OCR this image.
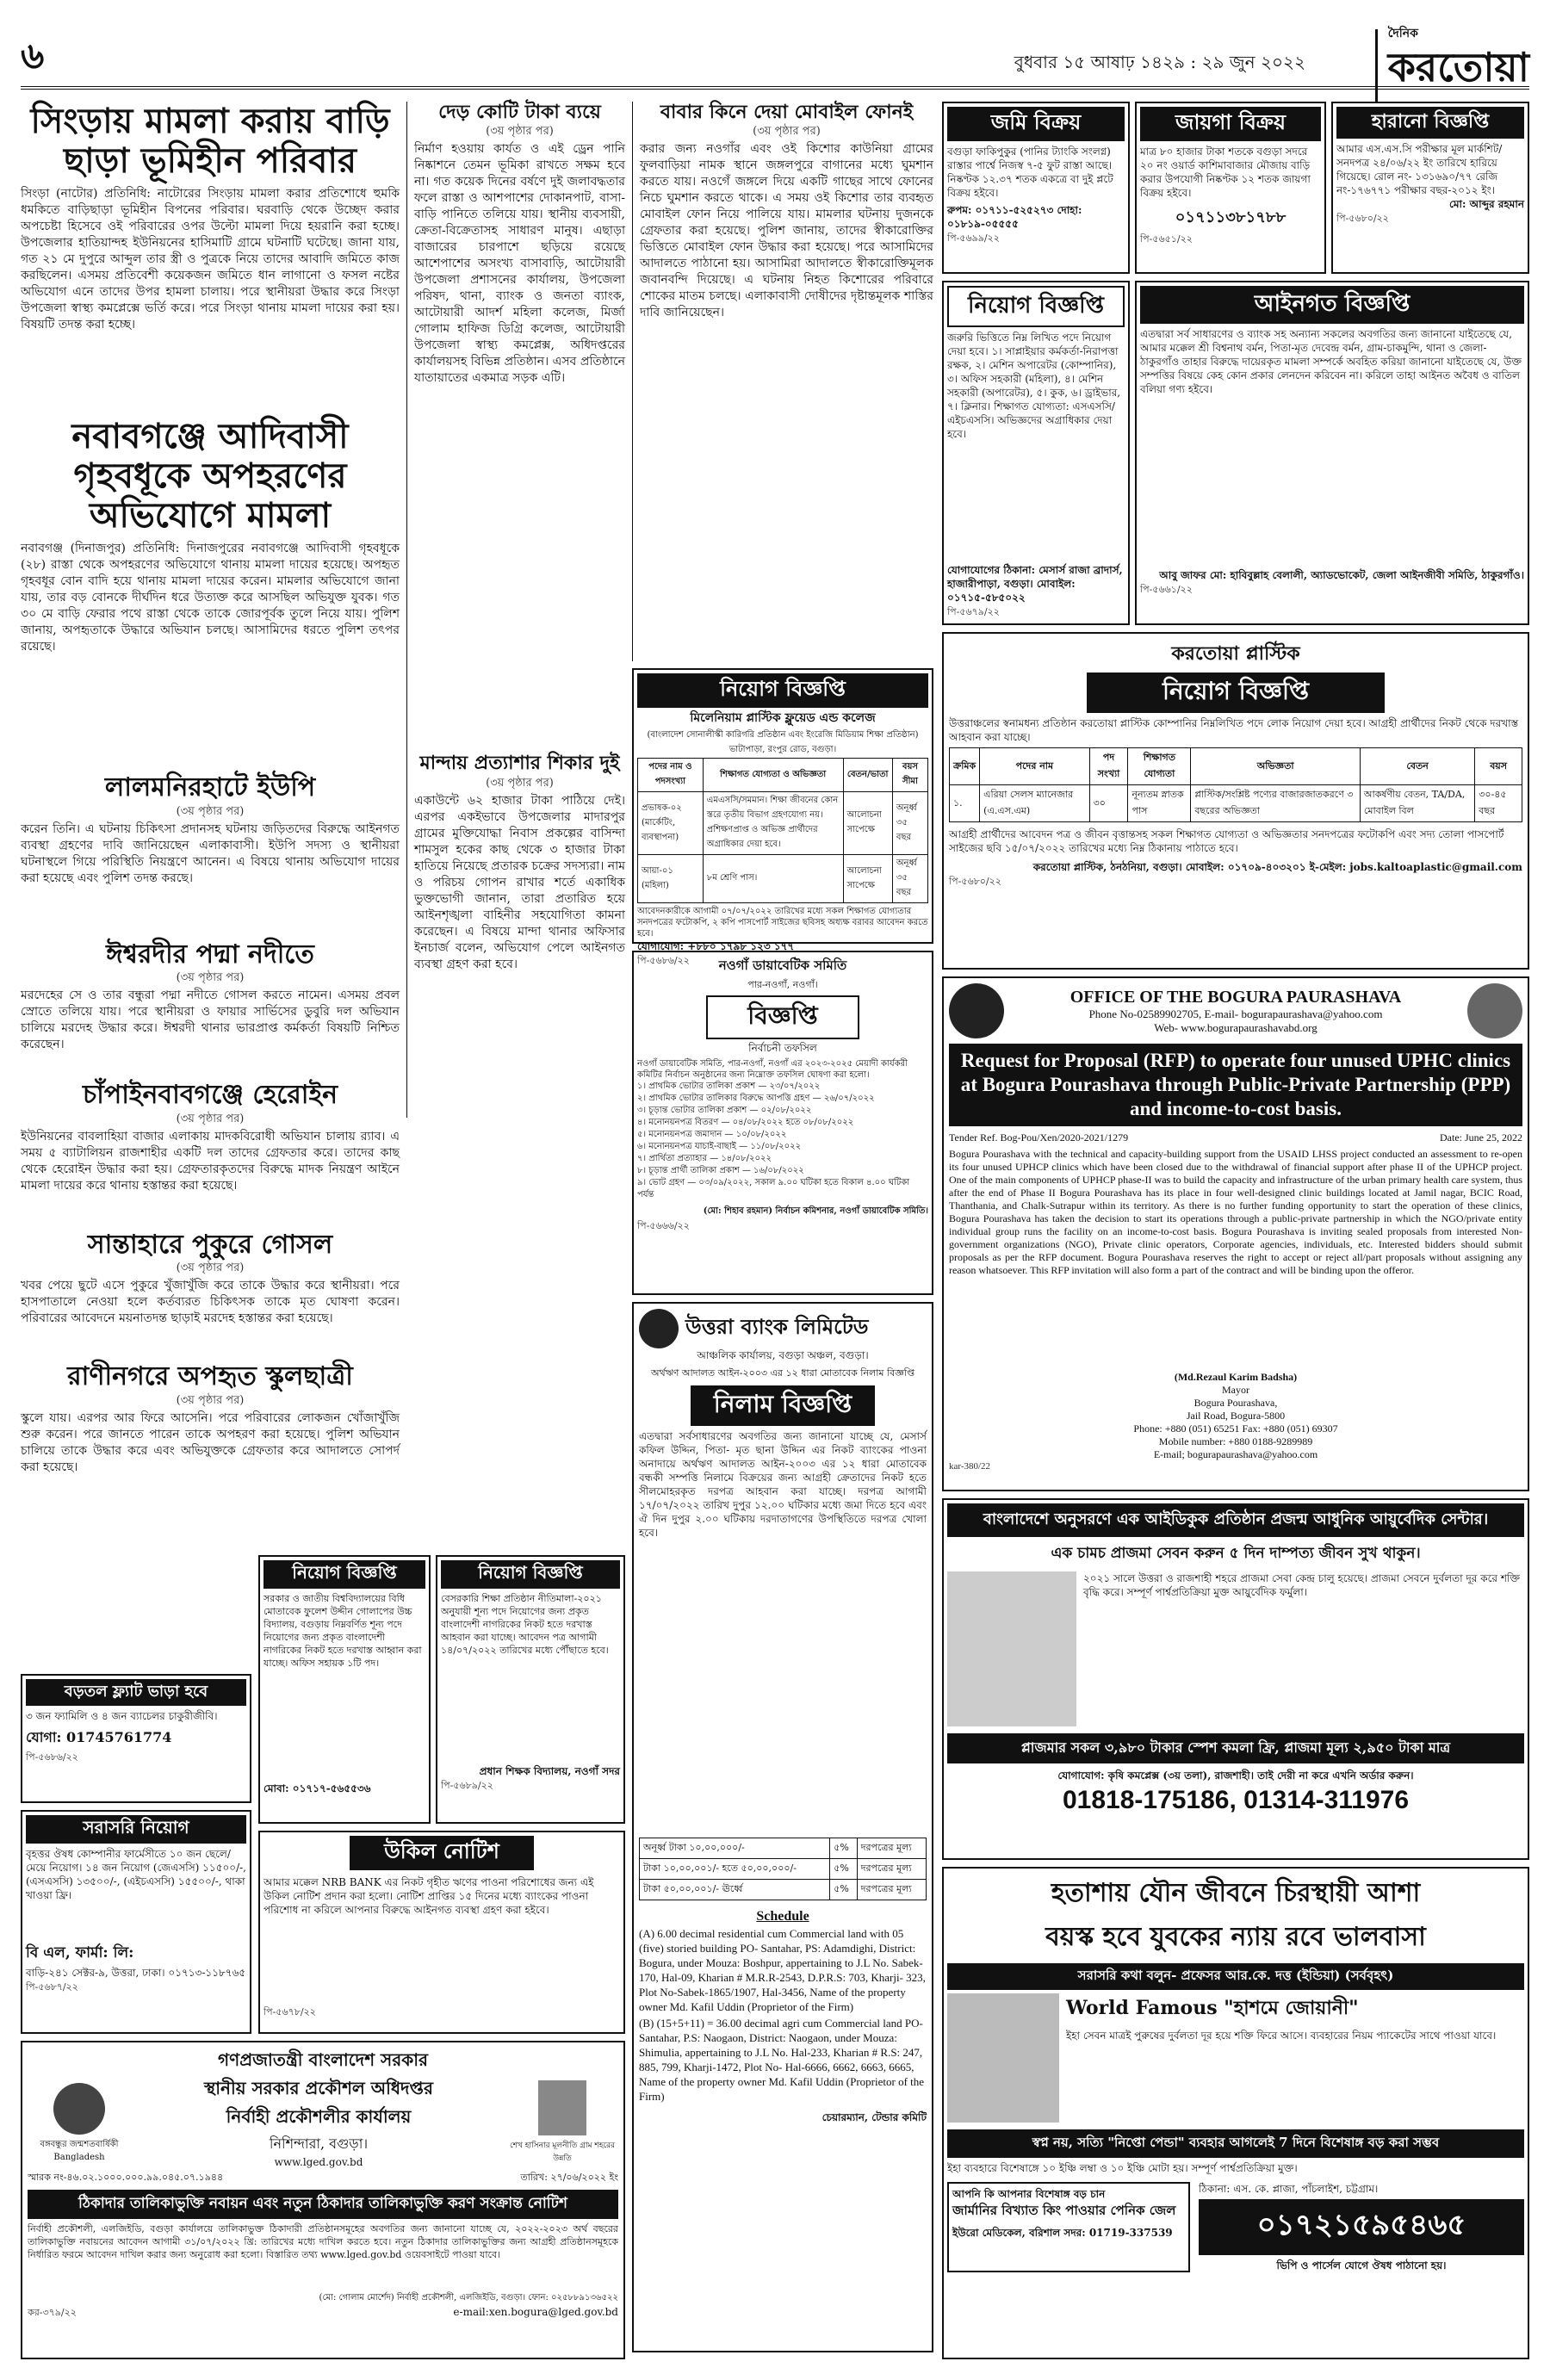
৬	বুধবার ১৫ আষাঢ় ১৪২৯ : ২৯ জুন ২০২২
দৈনিক
করতোয়া
সিংড়ায় মামলা করায় বাড়ি ছাড়া ভূমিহীন পরিবার
সিংড়া (নাটোর) প্রতিনিধি: নাটোরের সিংড়ায় মামলা করার প্রতিশোধে হুমকি ধমকিতে বাড়িছাড়া ভূমিহীন বিপনের পরিবার। ঘরবাড়ি থেকে উচ্ছেদ করার অপচেষ্টা হিসেবে ওই পরিবারের ওপর উল্টো মামলা দিয়ে হয়রানি করা হচ্ছে। উপজেলার হাতিয়ান্দহ ইউনিয়নের হাসিমাটি গ্রামে ঘটনাটি ঘটেছে। জানা যায়, গত ২১ মে দুপুরে আব্দুল তার স্ত্রী ও পুত্রকে নিয়ে তাদের আবাদি জমিতে কাজ করছিলেন। এসময় প্রতিবেশী কয়েকজন জমিতে ধান লাগানো ও ফসল নষ্টের অভিযোগ এনে তাদের উপর হামলা চালায়। পরে স্থানীয়রা উদ্ধার করে সিংড়া উপজেলা স্বাস্থ্য কমপ্লেক্সে ভর্তি করে। পরে সিংড়া থানায় মামলা দায়ের করা হয়। বিষয়টি তদন্ত করা হচ্ছে।
নবাবগঞ্জে আদিবাসী গৃহবধূকে অপহরণের অভিযোগে মামলা
নবাবগঞ্জ (দিনাজপুর) প্রতিনিধি: দিনাজপুরের নবাবগঞ্জে আদিবাসী গৃহবধূকে (২৮) রাস্তা থেকে অপহরণের অভিযোগে থানায় মামলা দায়ের হয়েছে। অপহৃত গৃহবধূর বোন বাদি হয়ে থানায় মামলা দায়ের করেন। মামলার অভিযোগে জানা যায়, তার বড় বোনকে দীর্ঘদিন ধরে উত্যক্ত করে আসছিল অভিযুক্ত যুবক। গত ৩০ মে বাড়ি ফেরার পথে রাস্তা থেকে তাকে জোরপূর্বক তুলে নিয়ে যায়। পুলিশ জানায়, অপহৃতাকে উদ্ধারে অভিযান চলছে। আসামিদের ধরতে পুলিশ তৎপর রয়েছে।
লালমনিরহাটে ইউপি
(৩য় পৃষ্ঠার পর)
করেন তিনি। এ ঘটনায় চিকিৎসা প্রদানসহ ঘটনায় জড়িতদের বিরুদ্ধে আইনগত ব্যবস্থা গ্রহণের দাবি জানিয়েছেন এলাকাবাসী। ইউপি সদস্য ও স্থানীয়রা ঘটনাস্থলে গিয়ে পরিস্থিতি নিয়ন্ত্রণে আনেন। এ বিষয়ে থানায় অভিযোগ দায়ের করা হয়েছে এবং পুলিশ তদন্ত করছে।
ঈশ্বরদীর পদ্মা নদীতে
(৩য় পৃষ্ঠার পর)
মরদেহের সে ও তার বন্ধুরা পদ্মা নদীতে গোসল করতে নামেন। এসময় প্রবল স্রোতে তলিয়ে যায়। পরে স্থানীয়রা ও ফায়ার সার্ভিসের ডুবুরি দল অভিযান চালিয়ে মরদেহ উদ্ধার করে। ঈশ্বরদী থানার ভারপ্রাপ্ত কর্মকর্তা বিষয়টি নিশ্চিত করেছেন।
চাঁপাইনবাবগঞ্জে হেরোইন
(৩য় পৃষ্ঠার পর)
ইউনিয়নের বাবলাহিয়া বাজার এলাকায় মাদকবিরোধী অভিযান চালায় র‌্যাব। এ সময় ৫ ব্যাটালিয়ন রাজশাহীর একটি দল তাদের গ্রেফতার করে। তাদের কাছ থেকে হেরোইন উদ্ধার করা হয়। গ্রেফতারকৃতদের বিরুদ্ধে মাদক নিয়ন্ত্রণ আইনে মামলা দায়ের করে থানায় হস্তান্তর করা হয়েছে।
সান্তাহারে পুকুরে গোসল
(৩য় পৃষ্ঠার পর)
খবর পেয়ে ছুটে এসে পুকুরে খুঁজাখুঁজি করে তাকে উদ্ধার করে স্থানীয়রা। পরে হাসপাতালে নেওয়া হলে কর্তব্যরত চিকিৎসক তাকে মৃত ঘোষণা করেন। পরিবারের আবেদনে ময়নাতদন্ত ছাড়াই মরদেহ হস্তান্তর করা হয়েছে।
রাণীনগরে অপহৃত স্কুলছাত্রী
(৩য় পৃষ্ঠার পর)
স্কুলে যায়। এরপর আর ফিরে আসেনি। পরে পরিবারের লোকজন খোঁজাখুঁজি শুরু করেন। পরে জানতে পারেন তাকে অপহরণ করা হয়েছে। পুলিশ অভিযান চালিয়ে তাকে উদ্ধার করে এবং অভিযুক্তকে গ্রেফতার করে আদালতে সোপর্দ করা হয়েছে।
দেড় কোটি টাকা ব্যয়ে
(৩য় পৃষ্ঠার পর)
নির্মাণ হওয়ায় কার্যত ও এই ড্রেন পানি নিষ্কাশনে তেমন ভূমিকা রাখতে সক্ষম হবে না। গত কয়েক দিনের বর্ষণে দুই জলাবদ্ধতার ফলে রাস্তা ও আশপাশের দোকানপাট, বাসা-বাড়ি পানিতে তলিয়ে যায়। স্থানীয় ব্যবসায়ী, ক্রেতা-বিক্রেতাসহ সাধারণ মানুষ। এছাড়া বাজারের চারপাশে ছড়িয়ে রয়েছে আশেপাশের অসংখ্য বাসাবাড়ি, আটোয়ারী উপজেলা প্রশাসনের কার্যালয়, উপজেলা পরিষদ, থানা, ব্যাংক ও জনতা ব্যাংক, আটোয়ারী আদর্শ মহিলা কলেজ, মির্জা গোলাম হাফিজ ডিগ্রি কলেজ, আটোয়ারী উপজেলা স্বাস্থ্য কমপ্লেক্স, অধিদপ্তরের কার্যালয়সহ বিভিন্ন প্রতিষ্ঠান। এসব প্রতিষ্ঠানে যাতায়াতের একমাত্র সড়ক এটি।
মান্দায় প্রত্যাশার শিকার দুই
(৩য় পৃষ্ঠার পর)
একাউন্টে ৬২ হাজার টাকা পাঠিয়ে দেই। এরপর একইভাবে উপজেলার মাদারপুর গ্রামের মুক্তিযোদ্ধা নিবাস প্রকল্পের বাসিন্দা শামসুল হকের কাছ থেকে ৩ হাজার টাকা হাতিয়ে নিয়েছে প্রতারক চক্রের সদস্যরা। নাম ও পরিচয় গোপন রাখার শর্তে একাধিক ভুক্তভোগী জানান, তারা প্রতারিত হয়ে আইনশৃঙ্খলা বাহিনীর সহযোগিতা কামনা করেছেন। এ বিষয়ে মান্দা থানার অফিসার ইনচার্জ বলেন, অভিযোগ পেলে আইনগত ব্যবস্থা গ্রহণ করা হবে।
বাবার কিনে দেয়া মোবাইল ফোনই
(৩য় পৃষ্ঠার পর)
করার জন্য নওগাঁর এবং ওই কিশোর কাউনিয়া গ্রামের ফুলবাড়িয়া নামক স্থানে জঙ্গলপুরে বাগানের মধ্যে ঘুমশান করতে যায়। নওগেঁ জঙ্গলে দিয়ে একটি গাছের সাথে ফোনের নিচে ঘুমশান করতে থাকে। এ সময় ওই কিশোর তার ব্যবহৃত মোবাইল ফোন নিয়ে পালিয়ে যায়। মামলার ঘটনায় দুজনকে গ্রেফতার করা হয়েছে। পুলিশ জানায়, তাদের স্বীকারোক্তির ভিত্তিতে মোবাইল ফোন উদ্ধার করা হয়েছে। পরে আসামিদের আদালতে পাঠানো হয়। আসামিরা আদালতে স্বীকারোক্তিমূলক জবানবন্দি দিয়েছে। এ ঘটনায় নিহত কিশোরের পরিবারে শোকের মাতম চলছে। এলাকাবাসী দোষীদের দৃষ্টান্তমূলক শাস্তির দাবি জানিয়েছেন।
জমি বিক্রয়
বগুড়া ফাকিপুকুর (পানির ট্যাংকি সংলগ্ন) রাস্তার পার্শ্বে নিজস্ব ৭-৫ ফুট রাস্তা আছে। নিষ্কণ্টক ১২.৩৭ শতক একত্রে বা দুই প্লটে বিক্রয় হইবে।
রুপম: ০১৭১১-৫২৫২৭৩ দোহা: ০১৮১৯-০৫৫৫৫
পি-৫৬৯৯/২২
জায়গা বিক্রয়
মাত্র ৮০ হাজার টাকা শতকে বগুড়া সদরে ২০ নং ওয়ার্ড কাশিমাবাজার মৌজায় বাড়ি করার উপযোগী নিষ্কণ্টক ১২ শতক জায়গা বিক্রয় হইবে।
০১৭১১৩৮১৭৮৮
পি-৫৬৫১/২২
হারানো বিজ্ঞপ্তি
আমার এস.এস.সি পরীক্ষার মূল মার্কশিট/সনদপত্র ২৪/০৬/২২ ইং তারিখে হারিয়ে গিয়েছে। রোল নং- ১৩১৬৯০/৭৭ রেজি নং-১৭৬৭৭১ পরীক্ষার বছর-২০১২ ইং।
মো: আব্দুর রহমান
পি-৫৬৮০/২২
নিয়োগ বিজ্ঞপ্তি
জরুরি ভিত্তিতে নিম্ন লিখিত পদে নিয়োগ দেয়া হবে। ১। সাপ্লাইয়ার কর্মকর্তা-নিরাপত্তা রক্ষক, ২। মেশিন অপারেটর (কোম্পানির), ৩। অফিস সহকারী (মহিলা), ৪। মেশিন সহকারী (অপারেটর), ৫। কুক, ৬। ড্রাইভার, ৭। ক্লিনার। শিক্ষাগত যোগ্যতা: এসএসসি/এইচএসসি। অভিজ্ঞদের অগ্রাধিকার দেয়া হবে।
যোগাযোগের ঠিকানা: মেসার্স রাজা ব্রাদার্স, হাজারীপাড়া, বগুড়া। মোবাইল: ০১৭১৫-৫৮৫০২২
পি-৫৬৭৯/২২
আইনগত বিজ্ঞপ্তি
এতদ্বারা সর্ব সাধারণের ও ব্যাংক সহ অন্যান্য সকলের অবগতির জন্য জানানো যাইতেছে যে, আমার মক্কেল শ্রী বিশ্বনাথ বর্মন, পিতা-মৃত দেবেন্দ্র বর্মন, গ্রাম-চাকমুন্দি, থানা ও জেলা-ঠাকুরগাঁও তাহার বিরুদ্ধে দায়েরকৃত মামলা সম্পর্কে অবহিত করিয়া জানানো যাইতেছে যে, উক্ত সম্পত্তির বিষয়ে কেহ কোন প্রকার লেনদেন করিবেন না। করিলে তাহা আইনত অবৈধ ও বাতিল বলিয়া গণ্য হইবে।
আবু জাফর মো: হাবিবুল্লাহ বেলালী, অ্যাডভোকেট, জেলা আইনজীবী সমিতি, ঠাকুরগাঁও।
পি-৫৬৬১/২২
নিয়োগ বিজ্ঞপ্তি
মিলেনিয়াম প্লাস্টিক ফ্লুয়েড এন্ড কলেজ
(বাংলাদেশ সোনালীস্কী কারিগরি প্রতিষ্ঠান এবং ইংরেজি মিডিয়াম শিক্ষা প্রতিষ্ঠান) ভাটাপাড়া, রংপুর রোড, বগুড়া।
পদের নাম ও পদসংখ্যা	শিক্ষাগত যোগ্যতা ও অভিজ্ঞতা	বেতন/ভাতা	বয়স সীমা
প্রভাষক-০২ (মার্কেটিং, ব্যবস্থাপনা)	এমএসসি/সমমান। শিক্ষা জীবনের কোন স্তরে তৃতীয় বিভাগ গ্রহণযোগ্য নয়। প্রশিক্ষণপ্রাপ্ত ও অভিজ্ঞ প্রার্থীদের অগ্রাধিকার দেয়া হবে।	আলোচনা সাপেক্ষে	অনূর্ধ্ব ৩৫ বছর
আয়া-০১ (মহিলা)	৮ম শ্রেণি পাস।	আলোচনা সাপেক্ষে	অনূর্ধ্ব ৩৫ বছর
আবেদনকারীকে আগামী ০৭/০৭/২০২২ তারিখের মধ্যে সকল শিক্ষাগত যোগ্যতার সনদপত্রের ফটোকপি, ২ কপি পাসপোর্ট সাইজের ছবিসহ অধ্যক্ষ বরাবর আবেদন করতে হবে।
যোগাযোগ: +৮৮০ ১৭৯৮ ১২৩ ১৭৭
পি-৫৬৮৬/২২	নওগাঁ ডায়াবেটিক সমিতি
পার-নওগাঁ, নওগাঁ।
বিজ্ঞপ্তি
নির্বাচনী তফসিল
নওগাঁ ডায়াবেটিক সমিতি, পার-নওগাঁ, নওগাঁ এর ২০২৩-২০২৫ মেয়াদী কার্যকরী কমিটির নির্বাচন অনুষ্ঠানের জন্য নিম্নোক্ত তফসিল ঘোষণা করা হলো।
১। প্রাথমিক ভোটার তালিকা প্রকাশ — ২৩/০৭/২০২২
২। প্রাথমিক ভোটার তালিকার বিরুদ্ধে আপত্তি গ্রহণ — ২৬/০৭/২০২২
৩। চূড়ান্ত ভোটার তালিকা প্রকাশ — ০২/০৮/২০২২
৪। মনোনয়নপত্র বিতরণ — ০৪/০৮/২০২২ হতে ০৮/০৮/২০২২
৫। মনোনয়নপত্র জমাদান — ১০/০৮/২০২২
৬। মনোনয়নপত্র যাচাই-বাছাই — ১১/০৮/২০২২
৭। প্রার্থিতা প্রত্যাহার — ১৪/০৮/২০২২
৮। চূড়ান্ত প্রার্থী তালিকা প্রকাশ — ১৬/০৮/২০২২
৯। ভোট গ্রহণ — ০৩/০৯/২০২২, সকাল ৯.০০ ঘটিকা হতে বিকাল ৪.০০ ঘটিকা পর্যন্ত
(মো: শিহাব রহমান) নির্বাচন কমিশনার, নওগাঁ ডায়াবেটিক সমিতি।
পি-৫৬৬৬/২২
করতোয়া প্লাস্টিক
নিয়োগ বিজ্ঞপ্তি
উত্তরাঞ্চলের স্বনামধন্য প্রতিষ্ঠান করতোয়া প্লাস্টিক কোম্পানির নিম্নলিখিত পদে লোক নিয়োগ দেয়া হবে। আগ্রহী প্রার্থীদের নিকট থেকে দরখাস্ত আহবান করা যাচ্ছে।
ক্রমিক	পদের নাম	পদ সংখ্যা	শিক্ষাগত যোগ্যতা	অভিজ্ঞতা	বেতন	বয়স
১.	এরিয়া সেলস ম্যানেজার (এ.এস.এম)	৩০	নূন্যতম স্নাতক পাস	প্লাস্টিক/সংশ্লিষ্ট পণ্যের বাজারজাতকরণে ৩ বছরের অভিজ্ঞতা	আকর্ষণীয় বেতন, TA/DA, মোবাইল বিল	৩০-৪৫ বছর
আগ্রহী প্রার্থীদের আবেদন পত্র ও জীবন বৃত্তান্তসহ সকল শিক্ষাগত যোগ্যতা ও অভিজ্ঞতার সনদপত্রের ফটোকপি এবং সদ্য তোলা পাসপোর্ট সাইজের ছবি ১৫/০৭/২০২২ তারিখের মধ্যে নিম্ন ঠিকানায় পাঠাতে হবে।
করতোয়া প্লাস্টিক, ঠনঠনিয়া, বগুড়া। মোবাইল: ০১৭০৯-৪০৩২০১ ই-মেইল: jobs.kaltoaplastic@gmail.com
পি-৫৬৮০/২২
OFFICE OF THE BOGURA PAURASHAVA
Phone No-02589902705, E-mail- bogurapaurashava@yahoo.com
Web- www.bogurapaurashavabd.org
Request for Proposal (RFP) to operate four unused UPHC clinics at Bogura Pourashava through Public-Private Partnership (PPP) and income-to-cost basis.
Tender Ref. Bog-Pou/Xen/2020-2021/1279	Date: June 25, 2022
Bogura Pourashava with the technical and capacity-building support from the USAID LHSS project conducted an assessment to re-open its four unused UPHCP clinics which have been closed due to the withdrawal of financial support after phase II of the UPHCP project. One of the main components of UPHCP phase-II was to build the capacity and infrastructure of the urban primary health care system, thus after the end of Phase II Bogura Pourashava has its place in four well-designed clinic buildings located at Jamil nagar, BCIC Road, Thanthania, and Chalk-Sutrapur within its territory. As there is no further funding opportunity to start the operation of these clinics, Bogura Pourashava has taken the decision to start its operations through a public-private partnership in which the NGO/private entity individual group runs the facility on an income-to-cost basis. Bogura Pourashava is inviting sealed proposals from interested Non-government organizations (NGO), Private clinic operators, Corporate agencies, individuals, etc. Interested bidders should submit proposals as per the RFP document. Bogura Pourashava reserves the right to accept or reject all/part proposals without assigning any reason whatsoever. This RFP invitation will also form a part of the contract and will be binding upon the offeror.
(Md.Rezaul Karim Badsha)
Mayor
Bogura Pourashava,
Jail Road, Bogura-5800
Phone: +880 (051) 65251 Fax: +880 (051) 69307
Mobile number: +880 0188-9289989
E-mail; bogurapaurashava@yahoo.com
kar-380/22
উত্তরা ব্যাংক লিমিটেড
আঞ্চলিক কার্যালয়, বগুড়া অঞ্চল, বগুড়া।
অর্থঋণ আদালত আইন-২০০৩ এর ১২ ধারা মোতাবেক নিলাম বিজ্ঞপ্তি
নিলাম বিজ্ঞপ্তি
এতদ্বারা সর্বসাধারণের অবগতির জন্য জানানো যাচ্ছে যে, মেসার্স কফিল উদ্দিন, পিতা- মৃত ছানা উদ্দিন এর নিকট ব্যাংকের পাওনা অনাদায়ে অর্থঋণ আদালত আইন-২০০৩ এর ১২ ধারা মোতাবেক বন্ধকী সম্পত্তি নিলামে বিক্রয়ের জন্য আগ্রহী ক্রেতাদের নিকট হতে সীলমোহরকৃত দরপত্র আহবান করা যাচ্ছে। দরপত্র আগামী ১৭/০৭/২০২২ তারিখ দুপুর ১২.০০ ঘটিকার মধ্যে জমা দিতে হবে এবং ঐ দিন দুপুর ২.০০ ঘটিকায় দরদাতাগণের উপস্থিতিতে দরপত্র খোলা হবে।
অনূর্ধ্ব টাকা ১০,০০,০০০/-	৫%	দরপত্রের মূল্য
টাকা ১০,০০,০০১/- হতে ৫০,০০,০০০/-	৫%	দরপত্রের মূল্য
টাকা ৫০,০০,০০১/- ঊর্ধ্বে	৫%	দরপত্রের মূল্য
Schedule
(A) 6.00 decimal residential cum Commercial land with 05 (five) storied building PO- Santahar, PS: Adamdighi, District: Bogura, under Mouza: Boshpur, appertaining to J.L No. Sabek-170, Hal-09, Kharian # M.R.R-2543, D.P.R.S: 703, Kharji- 323, Plot No-Sabek-1865/1907, Hal-3456, Name of the property owner Md. Kafil Uddin (Proprietor of the Firm)
(B) (15+5+11) = 36.00 decimal agri cum Commercial land PO-Santahar, P.S: Naogaon, District: Naogaon, under Mouza: Shimulia, appertaining to J.L No. Hal-233, Kharian # R.S: 247, 885, 799, Kharji-1472, Plot No- Hal-6666, 6662, 6663, 6665, Name of the property owner Md. Kafil Uddin (Proprietor of the Firm)
চেয়ারম্যান, টেন্ডার কমিটি
নিয়োগ বিজ্ঞপ্তি
সরকার ও জাতীয় বিশ্ববিদ্যালয়ের বিধি মোতাবেক ফুলেশ উদ্দীন গোলাপের উচ্চ বিদ্যালয়, বগুড়ায় নিম্নবর্ণিত শূন্য পদে নিয়োগের জন্য প্রকৃত বাংলাদেশী নাগরিকের নিকট হতে দরখাস্ত আহ্বান করা যাচ্ছে। অফিস সহায়ক ১টি পদ।
মোবা: ০১৭১৭-৫৬৫৫৩৬
নিয়োগ বিজ্ঞপ্তি
বেসরকারি শিক্ষা প্রতিষ্ঠান নীতিমালা-২০২১ অনুযায়ী শূন্য পদে নিয়োগের জন্য প্রকৃত বাংলাদেশী নাগরিকের নিকট হতে দরখাস্ত আহবান করা যাচ্ছে। আবেদন পত্র আগামী ১৪/০৭/২০২২ তারিখের মধ্যে পৌঁছাতে হবে।
প্রধান শিক্ষক বিদ্যালয়, নওগাঁ সদর
পি-৫৬৮৯/২২
বড়তল ফ্ল্যাট ভাড়া হবে
৩ জন ফ্যামিলি ও ৪ জন ব্যাচেলর চাকুরীজীবি।
যোগা: 01745761774
পি-৫৬৮৬/২২
সরাসরি নিয়োগ
বৃহত্তর ঔষধ কোম্পানীর ফার্মেসীতে ১০ জন ছেলে/মেয়ে নিয়োগ। ১৪ জন নিয়োগ (জেএসসি) ১১৫০০/-, (এসএসসি) ১৩৫০০/-, (এইচএসসি) ১৫৫০০/-, থাকা খাওয়া ফ্রি।
বি এল, ফার্মা: লি:
বাড়ি-২৪১ সেক্টর-৯, উত্তরা, ঢাকা। ০১৭১৩-১১৮৭৬৫
পি-৫৬৮৭/২২
উকিল নোটিশ
আমার মক্কেল NRB BANK এর নিকট গৃহীত ঋণের পাওনা পরিশোধের জন্য এই উকিল নোটিশ প্রদান করা হলো। নোটিশ প্রাপ্তির ১৫ দিনের মধ্যে ব্যাংকের পাওনা পরিশোধ না করিলে আপনার বিরুদ্ধে আইনগত ব্যবস্থা গ্রহণ করা হইবে।
পি-৫৬৭৮/২২
গণপ্রজাতন্ত্রী বাংলাদেশ সরকার
বঙ্গবন্ধুর জন্মশতবার্ষিকী Bangladesh
স্থানীয় সরকার প্রকৌশল অধিদপ্তর
নির্বাহী প্রকৌশলীর কার্যালয়
নিশিন্দারা, বগুড়া।
www.lged.gov.bd
শেখ হাসিনার মূলনীতি গ্রাম শহরের উন্নতি
স্মারক নং-৪৬.০২.১০০০.০০০.৯৯.০৪৫.০৭.১৯৪৪	তারিখ: ২৭/০৬/২০২২ ইং
ঠিকাদার তালিকাভুক্তি নবায়ন এবং নতুন ঠিকাদার তালিকাভুক্তি করণ সংক্রান্ত নোটিশ
নির্বাহী প্রকৌশলী, এলজিইডি, বগুড়া কার্যালয়ে তালিকাভুক্ত ঠিকাদারী প্রতিষ্ঠানসমূহের অবগতির জন্য জানানো যাচ্ছে যে, ২০২২-২০২৩ অর্থ বছরের তালিকাভুক্তি নবায়নের আবেদন আগামী ৩১/০৭/২০২২ খ্রি: তারিখের মধ্যে দাখিল করতে হবে। নতুন ঠিকাদার তালিকাভুক্তির জন্য আগ্রহী প্রতিষ্ঠানসমূহকে নির্ধারিত ফরমে আবেদন দাখিল করার জন্য অনুরোধ করা হলো। বিস্তারিত তথ্য www.lged.gov.bd ওয়েবসাইটে পাওয়া যাবে।
(মো: গোলাম মোর্শেদ) নির্বাহী প্রকৌশলী, এলজিইডি, বগুড়া। ফোন: ০২৫৮৮৯১৩৬৫২২
কর-৩৭৯/২২	e-mail:xen.bogura@lged.gov.bd
বাংলাদেশে অনুসরণে এক আইডিকুক প্রতিষ্ঠান প্রজন্ম আধুনিক আয়ুর্বেদিক সেন্টার।
এক চামচ প্রাজমা সেবন করুন ৫ দিন দাম্পত্য জীবন সুখ থাকুন।
২০২১ সালে উত্তরা ও রাজশাহী শহরে প্রাজমা সেবা কেন্দ্র চালু হয়েছে। প্রাজমা সেবনে দুর্বলতা দূর করে শক্তি বৃদ্ধি করে। সম্পূর্ণ পার্শ্বপ্রতিক্রিয়া মুক্ত আয়ুর্বেদিক ফর্মুলা।
প্লাজমার সকল ৩,৯৮০ টাকার স্পেশ কমলা ফ্রি, প্লাজমা মূল্য ২,৯৫০ টাকা মাত্র
যোগাযোগ: কৃষি কমপ্লেক্স (৩য় তলা), রাজশাহী। তাই দেরী না করে এখনি অর্ডার করুন।
01818-175186, 01314-311976
হতাশায় যৌন জীবনে চিরস্থায়ী আশা
বয়স্ক হবে যুবকের ন্যায় রবে ভালবাসা
সরাসরি কথা বলুন- প্রফেসর আর.কে. দত্ত (ইন্ডিয়া) (সর্ববৃহৎ)
World Famous "হাশমে জোয়ানী"
ইহা সেবন মাত্রই পুরুষের দুর্বলতা দূর হয়ে শক্তি ফিরে আসে। ব্যবহারের নিয়ম প্যাকেটের সাথে পাওয়া যাবে।
স্বপ্ন নয়, সত্যি "নিপ্তো পেন্ডা" ব্যবহার আগলেই 7 দিনে বিশেষাঙ্গ বড় করা সম্ভব
ইহা ব্যবহারে বিশেষাঙ্গে ১০ ইঞ্চি লম্বা ও ১০ ইঞ্চি মোটা হয়। সম্পূর্ণ পার্শ্বপ্রতিক্রিয়া মুক্ত।
আপনি কি আপনার বিশেষাঙ্গ বড় চান
জার্মানির বিখ্যাত কিং পাওয়ার পেনিক জেল
ইউরো মেডিকেল, বরিশাল সদর: 01719-337539
ঠিকানা: এস. কে. প্লাজা, পাঁচলাইশ, চট্টগ্রাম।
০১৭২১৫৯৫৪৬৫
ভিপি ও পার্সেল যোগে ঔষধ পাঠানো হয়।
